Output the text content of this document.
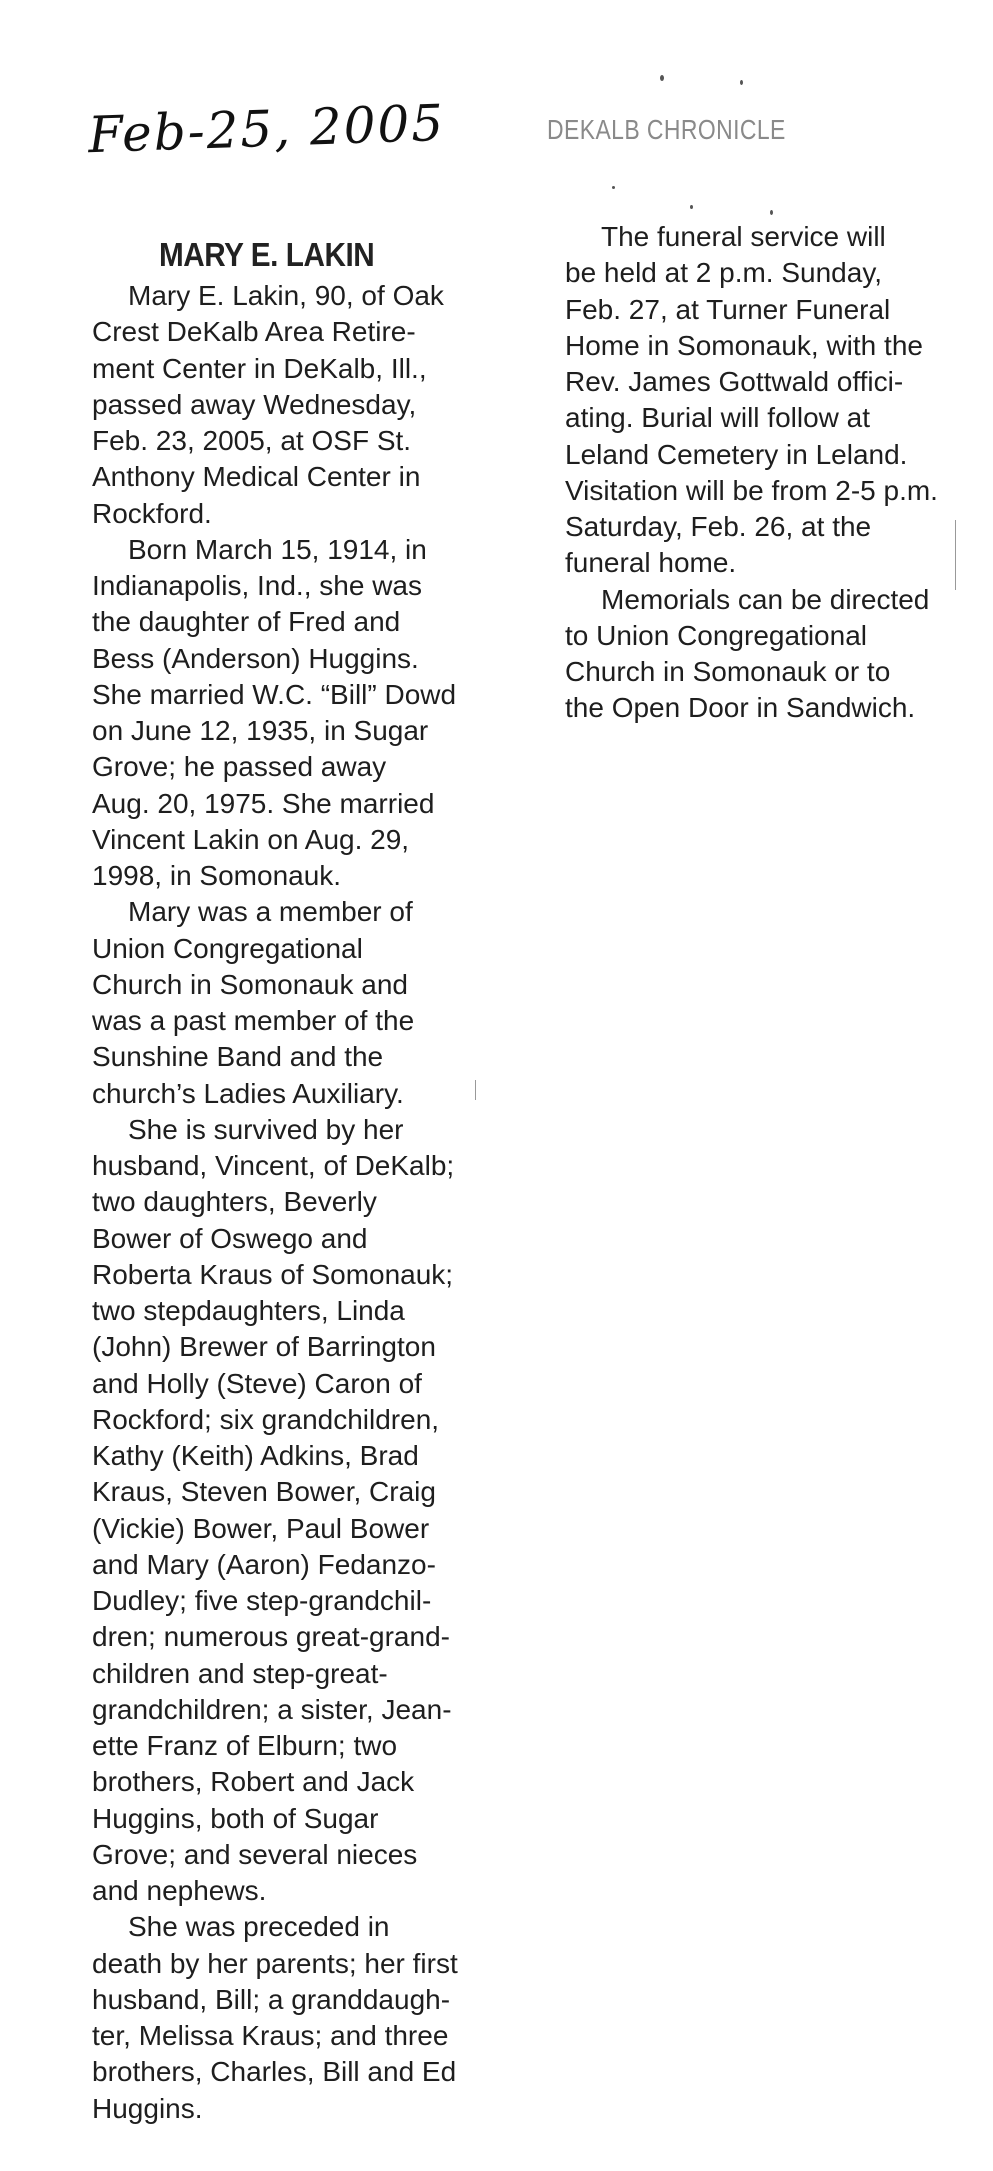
Feb-25, 2005	DEKALB CHRONICLE
MARY E. LAKIN
Mary E. Lakin, 90, of Oak
Crest DeKalb Area Retire-
ment Center in DeKalb, Ill.,
passed away Wednesday,
Feb. 23, 2005, at OSF St.
Anthony Medical Center in
Rockford.
Born March 15, 1914, in
Indianapolis, Ind., she was
the daughter of Fred and
Bess (Anderson) Huggins.
She married W.C. “Bill” Dowd
on June 12, 1935, in Sugar
Grove; he passed away
Aug. 20, 1975. She married
Vincent Lakin on Aug. 29,
1998, in Somonauk.
Mary was a member of
Union Congregational
Church in Somonauk and
was a past member of the
Sunshine Band and the
church’s Ladies Auxiliary.
She is survived by her
husband, Vincent, of DeKalb;
two daughters, Beverly
Bower of Oswego and
Roberta Kraus of Somonauk;
two stepdaughters, Linda
(John) Brewer of Barrington
and Holly (Steve) Caron of
Rockford; six grandchildren,
Kathy (Keith) Adkins, Brad
Kraus, Steven Bower, Craig
(Vickie) Bower, Paul Bower
and Mary (Aaron) Fedanzo-
Dudley; five step-grandchil-
dren; numerous great-grand-
children and step-great-
grandchildren; a sister, Jean-
ette Franz of Elburn; two
brothers, Robert and Jack
Huggins, both of Sugar
Grove; and several nieces
and nephews.
She was preceded in
death by her parents; her first
husband, Bill; a granddaugh-
ter, Melissa Kraus; and three
brothers, Charles, Bill and Ed
Huggins.
The funeral service will
be held at 2 p.m. Sunday,
Feb. 27, at Turner Funeral
Home in Somonauk, with the
Rev. James Gottwald offici-
ating. Burial will follow at
Leland Cemetery in Leland.
Visitation will be from 2-5 p.m.
Saturday, Feb. 26, at the
funeral home.
Memorials can be directed
to Union Congregational
Church in Somonauk or to
the Open Door in Sandwich.
